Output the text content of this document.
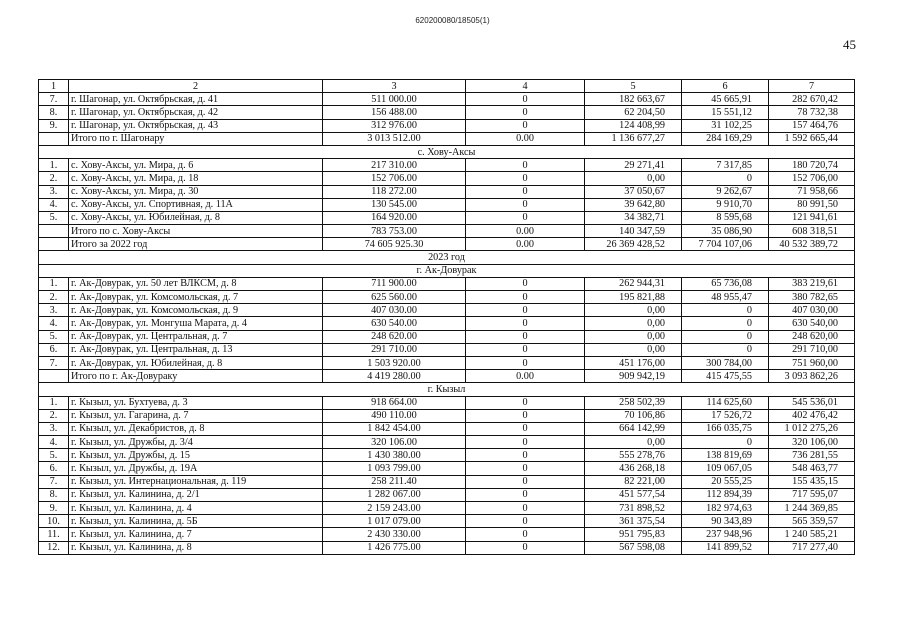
620200080/18505(1)
45
1	2	3	4	5	6	7
7.	г. Шагонар, ул. Октябрьская, д. 41	511 000.00	0	182 663,67	45 665,91	282 670,42
8.	г. Шагонар, ул. Октябрьская, д. 42	156 488.00	0	62 204,50	15 551,12	78 732,38
9.	г. Шагонар, ул. Октябрьская, д. 43	312 976.00	0	124 408,99	31 102,25	157 464,76
	Итого по г. Шагонару	3 013 512.00	0.00	1 136 677,27	284 169,29	1 592 665,44
с. Хову-Аксы						
1.	с. Хову-Аксы, ул. Мира, д. 6	217 310.00	0	29 271,41	7 317,85	180 720,74
2.	с. Хову-Аксы, ул. Мира, д. 18	152 706.00	0	0,00	0	152 706,00
3.	с. Хову-Аксы, ул. Мира, д. 30	118 272.00	0	37 050,67	9 262,67	71 958,66
4.	с. Хову-Аксы, ул. Спортивная, д. 11А	130 545.00	0	39 642,80	9 910,70	80 991,50
5.	с. Хову-Аксы, ул. Юбилейная, д. 8	164 920.00	0	34 382,71	8 595,68	121 941,61
	Итого по с. Хову-Аксы	783 753.00	0.00	140 347,59	35 086,90	608 318,51
	Итого за 2022 год	74 605 925.30	0.00	26 369 428,52	7 704 107,06	40 532 389,72
2023 год						
г. Ак-Довурак						
1.	г. Ак-Довурак, ул. 50 лет ВЛКСМ, д. 8	711 900.00	0	262 944,31	65 736,08	383 219,61
2.	г. Ак-Довурак, ул. Комсомольская, д. 7	625 560.00	0	195 821,88	48 955,47	380 782,65
3.	г. Ак-Довурак, ул. Комсомольская, д. 9	407 030.00	0	0,00	0	407 030,00
4.	г. Ак-Довурак, ул. Монгуша Марата, д. 4	630 540.00	0	0,00	0	630 540,00
5.	г. Ак-Довурак, ул. Центральная, д. 7	248 620.00	0	0,00	0	248 620,00
6.	г. Ак-Довурак, ул. Центральная, д. 13	291 710.00	0	0,00	0	291 710,00
7.	г. Ак-Довурак, ул. Юбилейная, д. 8	1 503 920.00	0	451 176,00	300 784,00	751 960,00
	Итого по г. Ак-Довураку	4 419 280.00	0.00	909 942,19	415 475,55	3 093 862,26
г. Кызыл						
1.	г. Кызыл, ул. Бухтуева, д. 3	918 664.00	0	258 502,39	114 625,60	545 536,01
2.	г. Кызыл, ул. Гагарина, д. 7	490 110.00	0	70 106,86	17 526,72	402 476,42
3.	г. Кызыл, ул. Декабристов, д. 8	1 842 454.00	0	664 142,99	166 035,75	1 012 275,26
4.	г. Кызыл, ул. Дружбы, д. 3/4	320 106.00	0	0,00	0	320 106,00
5.	г. Кызыл, ул. Дружбы, д. 15	1 430 380.00	0	555 278,76	138 819,69	736 281,55
6.	г. Кызыл, ул. Дружбы, д. 19А	1 093 799.00	0	436 268,18	109 067,05	548 463,77
7.	г. Кызыл, ул. Интернациональная, д. 119	258 211.40	0	82 221,00	20 555,25	155 435,15
8.	г. Кызыл, ул. Калинина, д. 2/1	1 282 067.00	0	451 577,54	112 894,39	717 595,07
9.	г. Кызыл, ул. Калинина, д. 4	2 159 243.00	0	731 898,52	182 974,63	1 244 369,85
10.	г. Кызыл, ул. Калинина, д. 5Б	1 017 079.00	0	361 375,54	90 343,89	565 359,57
11.	г. Кызыл, ул. Калинина, д. 7	2 430 330.00	0	951 795,83	237 948,96	1 240 585,21
12.	г. Кызыл, ул. Калинина, д. 8	1 426 775.00	0	567 598,08	141 899,52	717 277,40
